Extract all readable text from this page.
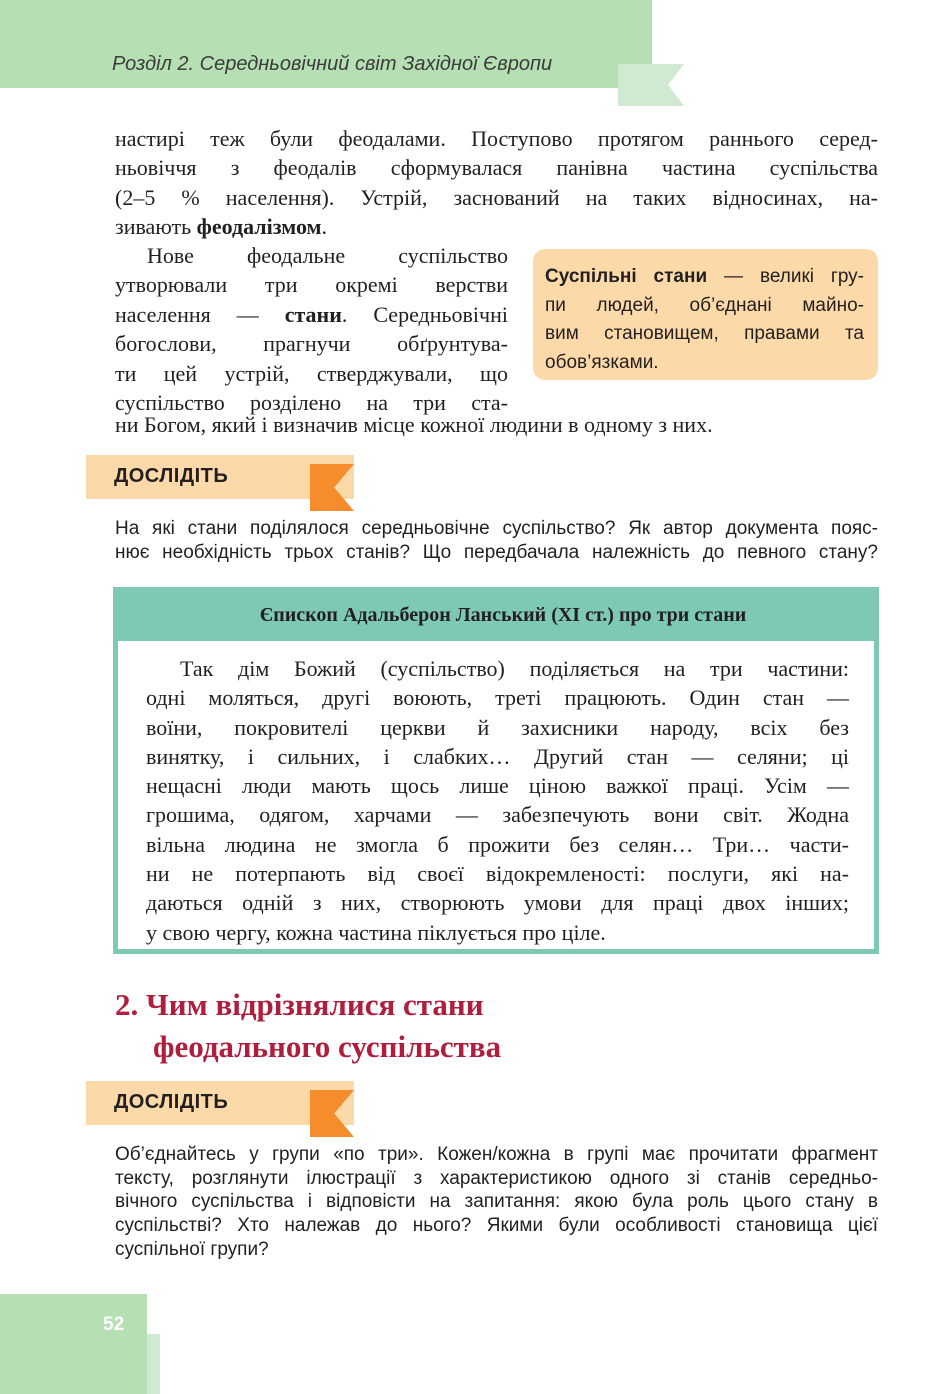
Розділ 2. Середньовічний світ Західної Європи
настирі теж були феодалами. Поступово протягом раннього серед-
ньовіччя з феодалів сформувалася панівна частина суспільства
(2–5 % населення). Устрій, заснований на таких відносинах, на-
зивають феодалізмом.
Нове феодальне суспільство
утворювали три окремі верстви
населення — стани. Середньовічні
богослови, прагнучи обґрунтува-
ти цей устрій, стверджували, що
суспільство розділено на три ста-
ни Богом, який і визначив місце кожної людини в одному з них.
Суспільні стани — великі гру-
пи людей, об’єднані майно-
вим становищем, правами та
обов’язками.
ДОСЛІДІТЬ
На які стани поділялося середньовічне суспільство? Як автор документа пояс-
нює необхідність трьох станів? Що передбачала належність до певного стану?
Єпископ Адальберон Ланський (XI ст.) про три стани
Так дім Божий (суспільство) поділяється на три частини:
одні моляться, другі воюють, треті працюють. Один стан —
воїни, покровителі церкви й захисники народу, всіх без
винятку, і сильних, і слабких… Другий стан — селяни; ці
нещасні люди мають щось лише ціною важкої праці. Усім —
грошима, одягом, харчами — забезпечують вони світ. Жодна
вільна людина не змогла б прожити без селян… Три… части-
ни не потерпають від своєї відокремленості: послуги, які на-
даються одній з них, створюють умови для праці двох інших;
у свою чергу, кожна частина піклується про ціле.
2. Чим відрізнялися стани
феодального суспільства
ДОСЛІДІТЬ
Об’єднайтесь у групи «по три». Кожен/кожна в групі має прочитати фрагмент
тексту, розглянути ілюстрації з характеристикою одного зі станів середньо-
вічного суспільства і відповісти на запитання: якою була роль цього стану в
суспільстві? Хто належав до нього? Якими були особливості становища цієї
суспільної групи?
52
